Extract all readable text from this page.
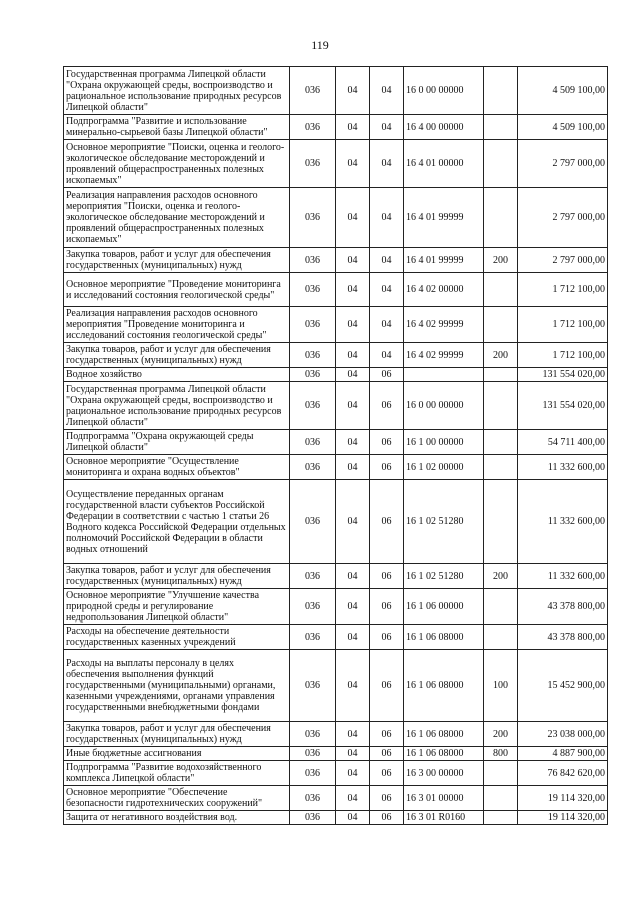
119
Государственная программа Липецкой области "Охрана окружающей среды, воспроизводство и рациональное использование природных ресурсов Липецкой области"	036	04	04	16 0 00 00000		4 509 100,00
Подпрограмма "Развитие и использование минерально-сырьевой базы Липецкой области"	036	04	04	16 4 00 00000		4 509 100,00
Основное мероприятие "Поиски, оценка и геолого-экологическое обследование месторождений и проявлений общераспространенных полезных ископаемых"	036	04	04	16 4 01 00000		2 797 000,00
Реализация направления расходов основного мероприятия "Поиски, оценка и геолого-экологическое обследование месторождений и проявлений общераспространенных полезных ископаемых"	036	04	04	16 4 01 99999		2 797 000,00
Закупка товаров, работ и услуг для обеспечения государственных (муниципальных) нужд	036	04	04	16 4 01 99999	200	2 797 000,00
Основное мероприятие "Проведение мониторинга и исследований состояния геологической среды"	036	04	04	16 4 02 00000		1 712 100,00
Реализация направления расходов основного мероприятия "Проведение мониторинга и исследований состояния геологической среды"	036	04	04	16 4 02 99999		1 712 100,00
Закупка товаров, работ и услуг для обеспечения государственных (муниципальных) нужд	036	04	04	16 4 02 99999	200	1 712 100,00
Водное хозяйство	036	04	06			131 554 020,00
Государственная программа Липецкой области "Охрана окружающей среды, воспроизводство и рациональное использование природных ресурсов Липецкой области"	036	04	06	16 0 00 00000		131 554 020,00
Подпрограмма "Охрана окружающей среды Липецкой области"	036	04	06	16 1 00 00000		54 711 400,00
Основное мероприятие "Осуществление мониторинга и охрана водных объектов"	036	04	06	16 1 02 00000		11 332 600,00
Осуществление переданных органам государственной власти субъектов Российской Федерации в соответствии с частью 1 статьи 26 Водного кодекса Российской Федерации отдельных полномочий Российской Федерации в области водных отношений	036	04	06	16 1 02 51280		11 332 600,00
Закупка товаров, работ и услуг для обеспечения государственных (муниципальных) нужд	036	04	06	16 1 02 51280	200	11 332 600,00
Основное мероприятие "Улучшение качества природной среды и регулирование недропользования Липецкой области"	036	04	06	16 1 06 00000		43 378 800,00
Расходы на обеспечение деятельности государственных казенных учреждений	036	04	06	16 1 06 08000		43 378 800,00
Расходы на выплаты персоналу в целях обеспечения выполнения функций государственными (муниципальными) органами, казенными учреждениями, органами управления государственными внебюджетными фондами	036	04	06	16 1 06 08000	100	15 452 900,00
Закупка товаров, работ и услуг для обеспечения государственных (муниципальных) нужд	036	04	06	16 1 06 08000	200	23 038 000,00
Иные бюджетные ассигнования	036	04	06	16 1 06 08000	800	4 887 900,00
Подпрограмма "Развитие водохозяйственного комплекса Липецкой области"	036	04	06	16 3 00 00000		76 842 620,00
Основное мероприятие "Обеспечение безопасности гидротехнических сооружений"	036	04	06	16 3 01 00000		19 114 320,00
Защита от негативного воздействия вод.	036	04	06	16 3 01 R0160		19 114 320,00
